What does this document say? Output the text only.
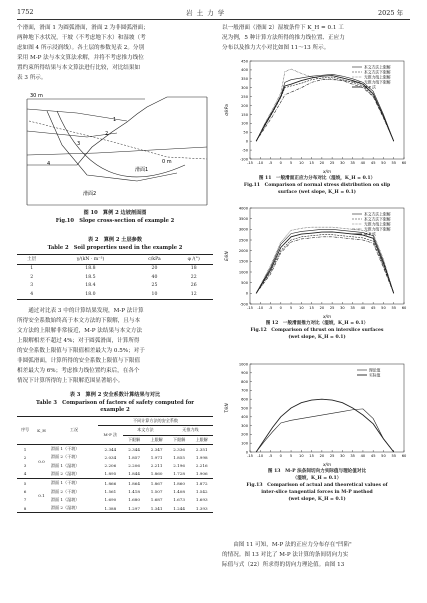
1752	岩 土 力 学	2025 年
个滑面，滑面 1 为圆弧滑面，滑面 2 为非圆弧滑面；
两种地下水状况，干坡（不考虑地下水）和湿坡（考
虑如图 4 所示浸润线）。各土层的参数见表 2。分别
采用 M-P 法与本文算法求解，并将不考虑推力线位
置约束所得结果与本文算法进行比较，对比结果如
表 3 所示。
30 m
0 m
1
2
3
4
滑面1
滑面2
图 10　算例 2 边坡剖面图
Fig.10　Slope cross-section of example 2
表 2　算例 2 土层参数
Table 2　Soil properties used in the example 2
土层	γ/(kN · m⁻³)	c/kPa	φ /(°)
1	18.8	20	18
2	18.5	40	22
3	18.4	25	26
4	18.0	10	12
　　通过对比表 3 中的计算结果发现，M-P 法计算
所得安全系数始终高于本文方法的下限解，且与本
文方法的上限解非常接近，M-P 法结果与本文方法
上限解相差不超过 4%；对于圆弧滑面，计算所得
的安全系数上限值与下限值相差最大为 0.5%；对于
非圆弧滑面，计算所得的安全系数上限值与下限值
相差最大为 6%；考虑推力线位置约束后，在各个
情况下计算所得的上下限解范围显著缩小。
表 3　算例 2 安全系数计算结果与对比
Table 3　Comparison of factors of safety computed for
example 2
序号	K_H	工况	不同计算方法的安全系数				
			M-P 法	本文方法		无推力线	
				下限解	上限解	下限解	上限解
1	0.0	滑面 1（干坡）	2.344	2.344	2.347	2.336	2.351
2		滑面 2（干坡）	2.034	1.857	1.971	1.855	1.998
3		滑面 1（湿坡）	2.206	2.206	2.211	2.196	2.216
4		滑面 2（湿坡）	1.895	1.844	1.860	1.728	1.906
5	0.1	滑面 1（干坡）	1.866	1.864	1.867	1.860	1.872
6		滑面 2（干坡）	1.561	1.418	1.507	1.408	1.542
7		滑面 1（湿坡）	1.690	1.680	1.687	1.673	1.693
8		滑面 2（湿坡）	1.388	1.297	1.341	1.244	1.393
以一般滑面（滑面 2）湿坡条件下 K_H = 0.1 工
况为例，5 种计算方法所得的推力线位置、正应力
分布以及推力大小对比如图 11～13 所示。
-15 -10 -5 0 5 10 15 20 25 30 35 40 45 50 55 60
-100
-50
0
50
100
150
200
250
300
350
400
450
x/m
σ/kPa
本文方法上限解
本文方法下限解
无推力线上限解
无推力线下限解
M-P 法
图 11　一般滑面正应力分布对比（湿坡，K_H = 0.1）
Fig.11　Comparison of normal stress distribution on slip
surface (wet slope, K_H = 0.1)
-15 -10 -5 0 5 10 15 20 25 30 35 40 45 50 55 60
-500
0
500
1000
1500
2000
2500
3000
3500
4000
x/m
E/kN
本文方法上限解
本文方法下限解
无推力线上限解
无推力线下限解
M-P 法
图 12　一般滑面推力对比（湿坡，K_H = 0.1）
Fig.12　Comparison of thrust on interslice surfaces
(wet slope, K_H = 0.1)
-15 -10 -5 0 5 10 15 20 25 30 35 40 45 50 55 60
0
100
200
300
400
500
600
700
800
900
1000
x/m
T/kN
理论值
实际值
图 13　M-P 法条间切向力实际值与理论值对比
（湿坡，K_H = 0.1）
Fig.13　Comparison of actual and theoretical values of
inter-slice tangential forces in M-P method
(wet slope, K_H = 0.1)
　　由图 11 可知，M-P 法的正应力分布存在"凹陷"
的情况。图 13 对比了 M-P 法计算的条间切向力实
际值与式（22）所求得的切向力理论值。由图 13
